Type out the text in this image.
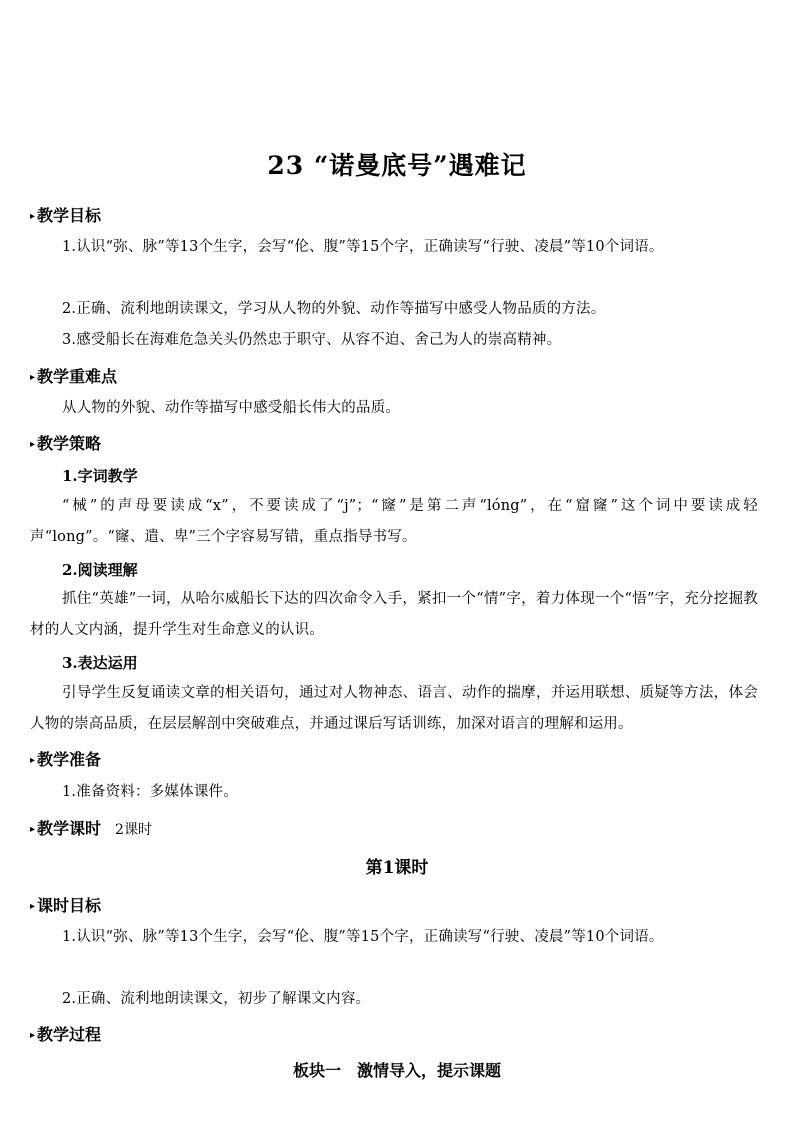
23 “诺曼底号”遇难记
▸ 教学目标
1.认识“弥、脉”等13个生字，会写“伦、腹”等15个字，正确读写“行驶、凌晨”等10个词语。
2.正确、流利地朗读课文，学习从人物的外貌、动作等描写中感受人物品质的方法。
3.感受船长在海难危急关头仍然忠于职守、从容不迫、舍己为人的崇高精神。
▸ 教学重难点
从人物的外貌、动作等描写中感受船长伟大的品质。
▸ 教学策略
1.字词教学
“械”的声母要读成“x”，不要读成了“j”；“窿”是第二声“lóng”，在“窟窿”这个词中要读成轻声“long”。“窿、遣、卑”三个字容易写错，重点指导书写。
2.阅读理解
抓住“英雄”一词，从哈尔威船长下达的四次命令入手，紧扣一个“情”字，着力体现一个“悟”字，充分挖掘教材的人文内涵，提升学生对生命意义的认识。
3.表达运用
引导学生反复诵读文章的相关语句，通过对人物神态、语言、动作的揣摩，并运用联想、质疑等方法，体会人物的崇高品质，在层层解剖中突破难点，并通过课后写话训练，加深对语言的理解和运用。
▸ 教学准备
1.准备资料：多媒体课件。
▸ 教学课时 2课时
第1课时
▸ 课时目标
1.认识“弥、脉”等13个生字，会写“伦、腹”等15个字，正确读写“行驶、凌晨”等10个词语。
2.正确、流利地朗读课文，初步了解课文内容。
▸ 教学过程
板块一　激情导入，提示课题
